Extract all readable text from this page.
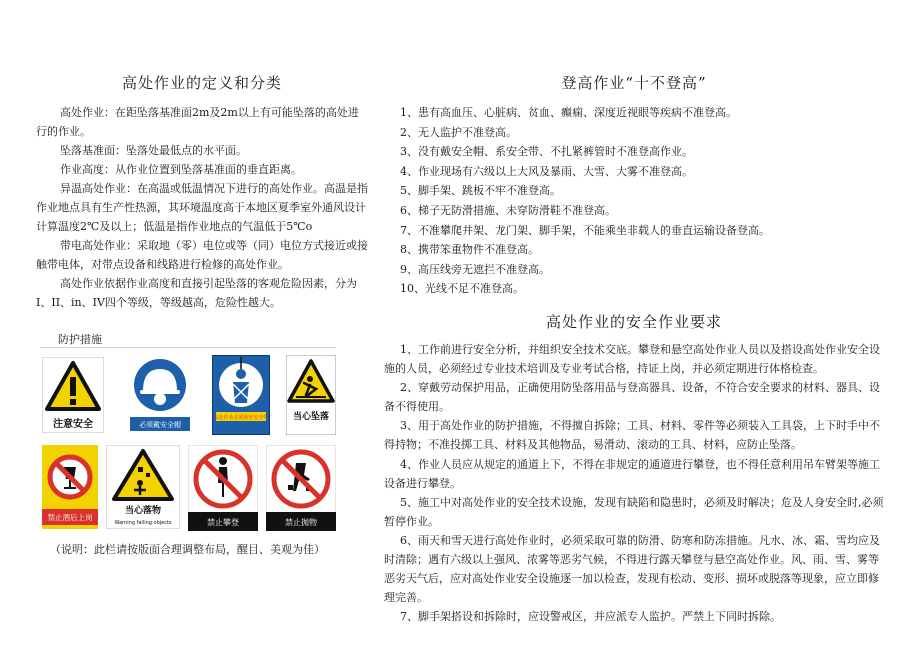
高处作业的定义和分类

高处作业：在距坠落基准面2m及2m以上有可能坠落的高处进行的作业。

坠落基准面：坠落处最低点的水平面。

作业高度：从作业位置到坠落基准面的垂直距离。

异温高处作业：在高温或低温情况下进行的高处作业。高温是指作业地点具有生产性热源，其环境温度高于本地区夏季室外通风设计计算温度2℃及以上；低温是指作业地点的气温低于5℃o

带电高处作业：采取地（零）电位或等（同）电位方式接近或接触带电体，对带点设备和线路进行检修的高处作业。

高处作业依据作业高度和直接引起坠落的客观危险因素，分为I、II、in、IV四个等级，等级越高，危险性越大。

防护措施
注意安全	必须戴安全帽
高处作业必须系好安全带	当心坠落
禁止酒后上岗
当心落物
Warning falling objects	禁止攀登	禁止抛物
（说明：此栏请按版面合理调整布局，醒目、美观为佳）
登高作业“十不登高”
1、患有高血压、心脏病、贫血、癫痫、深度近视眼等疾病不准登高。
2、无人监护不准登高。
3、没有戴安全帽、系安全带、不扎紧裤管时不准登高作业。
4、作业现场有六级以上大风及暴雨、大雪、大雾不准登高。
5、脚手架、跳板不牢不准登高。
6、梯子无防滑措施、未穿防滑鞋不准登高。
7、不准攀爬井架、龙门架、脚手架，不能乘坐非载人的垂直运输设备登高。
8、携带笨重物件不准登高。
9、高压线旁无遮拦不准登高。
10、光线不足不准登高。
高处作业的安全作业要求

1、工作前进行安全分析，并组织安全技术交底。攀登和悬空高处作业人员以及搭设高处作业安全设施的人员，必须经过专业技术培训及专业考试合格，持证上岗，并必须定期进行体格检查。

2、穿戴劳动保护用品，正确使用防坠落用品与登高器具、设备，不符合安全要求的材料、器具、设备不得使用。

3、用于高处作业的防护措施，不得擅自拆除；工具、材料、零件等必须装入工具袋，上下时手中不得持物；不准投掷工具、材料及其他物品，易滑动、滚动的工具、材料，应防止坠落。

4、作业人员应从规定的通道上下，不得在非规定的通道进行攀登，也不得任意利用吊车臂架等施工设备进行攀登。

5、施工中对高处作业的安全技术设施，发现有缺陷和隐患时，必须及时解决；危及人身安全时,必须暂停作业。

6、雨天和雪天进行高处作业时，必须采取可靠的防滑、防寒和防冻措施。凡水、冰、霜、雪均应及时清除；遇有六级以上强风、浓雾等恶劣气候，不得进行露天攀登与悬空高处作业。风、雨、雪、雾等恶劣天气后，应对高处作业安全设施逐一加以检查，发现有松动、变形、损坏或脱落等现象，应立即修理完善。

7、脚手架搭设和拆除时，应设警戒区，并应派专人监护。严禁上下同时拆除。
